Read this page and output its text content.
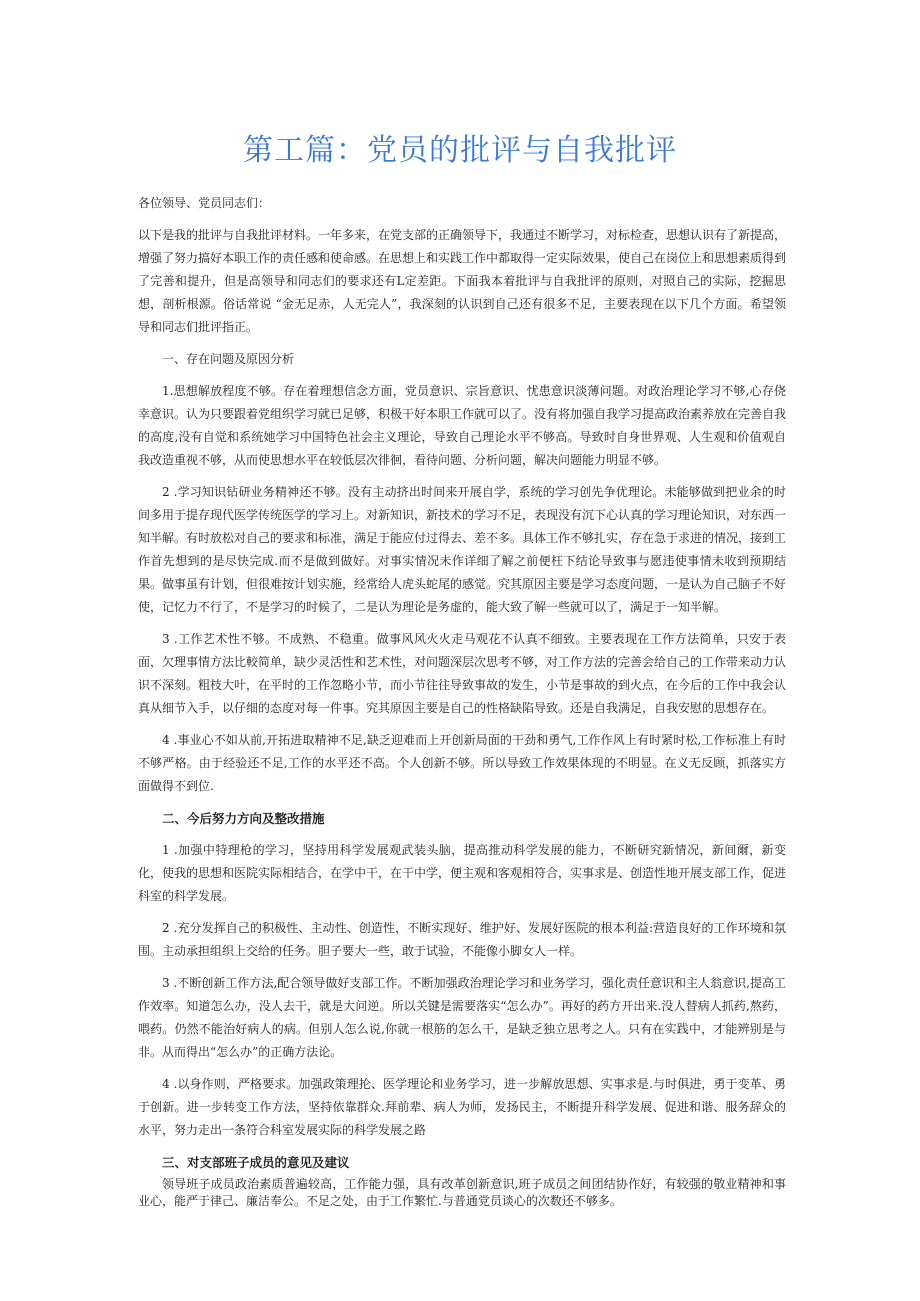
第工篇：党员的批评与自我批评

各位领导、党员同志们：

以下是我的批评与自我批评材料。一年多来，在党支部的正确领导下，我通过不断学习，对标检查，思想认识有了新提高，增强了努力搞好本职工作的责任感和使命感。在思想上和实践工作中都取得一定实际效果，使自己在岗位上和思想素质得到了完善和提升，但是高领导和同志们的要求还有L定差距。下面我本着批评与自我批评的原则，对照自己的实际，挖掘思想，剖析根源。俗话常说 “金无足赤，人无完人”，我深刻的认识到自己还有很多不足，主要表现在以下几个方面。希望领导和同志们批评指正。

一、存在问题及原因分析

1.思想解放程度不够。存在着理想信念方面，党员意识、宗旨意识、忧患意识淡薄问题。对政治理论学习不够,心存侥幸意识。认为只要跟着党组织学习就已足够，积极干好本职工作就可以了。没有将加强自我学习提高政治素养放在完善自我的高度,没有自觉和系统她学习中国特色社会主义理论，导致自己理论水平不够高。导致时自身世界观、人生观和价值观自我改造重视不够，从而使思想水平在较低层次徘徊，看待问题、分析问题，解决问题能力明显不够。

2 .学习知识钻研业务精神还不够。没有主动挤出时间来开展自学，系统的学习创先争优理论。未能够做到把业余的时间多用于提存现代医学传统医学的学习上。对新知识，新技术的学习不足，表现没有沉下心认真的学习理论知识，对东西一知半解。有时放松对自己的要求和标准，满足于能应付过得去、差不多。具体工作不够扎实，存在急于求进的情况，接到工作首先想到的是尽快完成.而不是做到做好。对事实情况未作详细了解之前便枉下结论导致事与愿违使事情未收到预期结果。做事虽有计划，但很难按计划实施，经常给人虎头蛇尾的感觉。究其原因主要是学习态度问题，一是认为自己脑子不好使，记忆力不行了，不是学习的时候了，二是认为理论是务虚的，能大致了解一些就可以了，满足于一知半解。

3 .工作艺术性不够。不成熟、不稳重。做事风风火火走马观花不认真不细致。主要表现在工作方法简单，只安于表面，欠理事情方法比較简单，缺少灵活性和艺术性，对问题深层次思考不够，对工作方法的完善会给自己的工作带来动力认识不深刻。粗枝大叶，在平时的工作忽略小节，而小节往往导致事故的发生，小节是事故的到火点，在今后的工作中我会认真从细节入手，以仔细的态度对每一件事。究其原因主要是自己的性格缺陷导致。还是自我满足，自我安慰的思想存在。

4 .事业心不如从前,开拓进取精神不足,缺乏迎难而上开创新局面的干劲和勇气,工作作风上有时紧时松,工作标准上有时不够严格。由于经验还不足,工作的水平还不高。个人创新不够。所以导致工作效果体现的不明显。在义无反顾，抓落实方面做得不到位.

二、今后努力方向及整改措施

1 .加强中特理枪的学习，坚持用科学发展观武装头脑，提高推动科学发展的能力，不断研究新情况，新间爾，新变化，使我的思想和医院实际相结合，在学中干，在干中学，便主观和客观相符合，实事求是、创造性地开展支部工作，促进科室的科学发展。

2 .充分发挥自己的积极性、主动性、创造性，不断实现好、维护好、发展好医院的根本利益:营造良好的工作环境和氛围。主动承担组织上交给的任务。胆子要大一些，敢于试验，不能像小脚女人一样。

3 .不断创新工作方法,配合领导做好支部工作。不断加强政治理论学习和业务学习，强化责任意识和主人翁意识,提高工作效率。知道怎么办，没人去干，就是大问逆。所以关键是需要落实“怎么办”。再好的药方开出来.没人替病人抓药,熬药，喂药。仍然不能治好病人的病。但别人怎么说,你就一根筋的怎么干，是缺乏独立思考之人。只有在实践中，才能辨别是与非。从而得出“怎么办”的正确方法论。

4 .以身作则，严格要求。加强政策理抡、医学理论和业务学习，进一步解放思想、实事求是.与时俱进，勇于变革、勇于创新。进一步转变工作方法，坚持依靠群众.拜前辈、病人为师，发扬民主，不断提升科学发展、促进和谐、服务辞众的水平，努力走出一条符合科室发展实际的科学发展之路

三、对支部班子成员的意见及建议

领导班子成员政治素质普遍较高，工作能力强，具有改革创新意识,班子成员之间团结协作好，有较强的敬业精神和事业心，能严于律己、廉洁奉公。不足之处，由于工作繁忙.与普通党员谈心的次数还不够多。
